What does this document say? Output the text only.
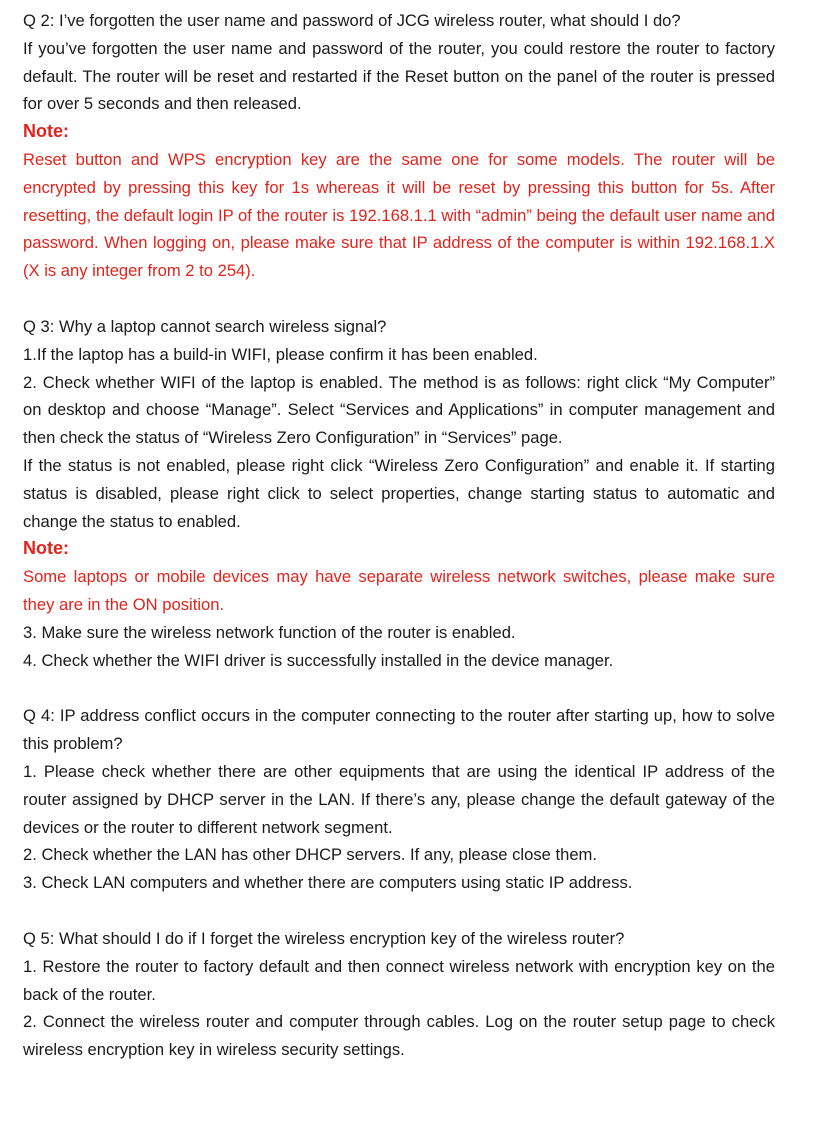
Q 2: I’ve forgotten the user name and password of JCG wireless router, what should I do?
If you’ve forgotten the user name and password of the router, you could restore the router to factory default. The router will be reset and restarted if the Reset button on the panel of the router is pressed for over 5 seconds and then released.
Note:
Reset button and WPS encryption key are the same one for some models. The router will be encrypted by pressing this key for 1s whereas it will be reset by pressing this button for 5s. After resetting, the default login IP of the router is 192.168.1.1 with “admin” being the default user name and password. When logging on, please make sure that IP address of the computer is within 192.168.1.X (X is any integer from 2 to 254).
Q 3: Why a laptop cannot search wireless signal?
1.If the laptop has a build-in WIFI, please confirm it has been enabled.
2. Check whether WIFI of the laptop is enabled. The method is as follows: right click “My Computer” on desktop and choose “Manage”. Select “Services and Applications” in computer management and then check the status of “Wireless Zero Configuration” in “Services” page.
If the status is not enabled, please right click “Wireless Zero Configuration” and enable it. If starting status is disabled, please right click to select properties, change starting status to automatic and change the status to enabled.
Note:
Some laptops or mobile devices may have separate wireless network switches, please make sure they are in the ON position.
3. Make sure the wireless network function of the router is enabled.
4. Check whether the WIFI driver is successfully installed in the device manager.
Q 4: IP address conflict occurs in the computer connecting to the router after starting up, how to solve this problem?
1. Please check whether there are other equipments that are using the identical IP address of the router assigned by DHCP server in the LAN. If there’s any, please change the default gateway of the devices or the router to different network segment.
2. Check whether the LAN has other DHCP servers. If any, please close them.
3. Check LAN computers and whether there are computers using static IP address.
Q 5: What should I do if I forget the wireless encryption key of the wireless router?
1. Restore the router to factory default and then connect wireless network with encryption key on the back of the router.
2. Connect the wireless router and computer through cables. Log on the router setup page to check wireless encryption key in wireless security settings.
